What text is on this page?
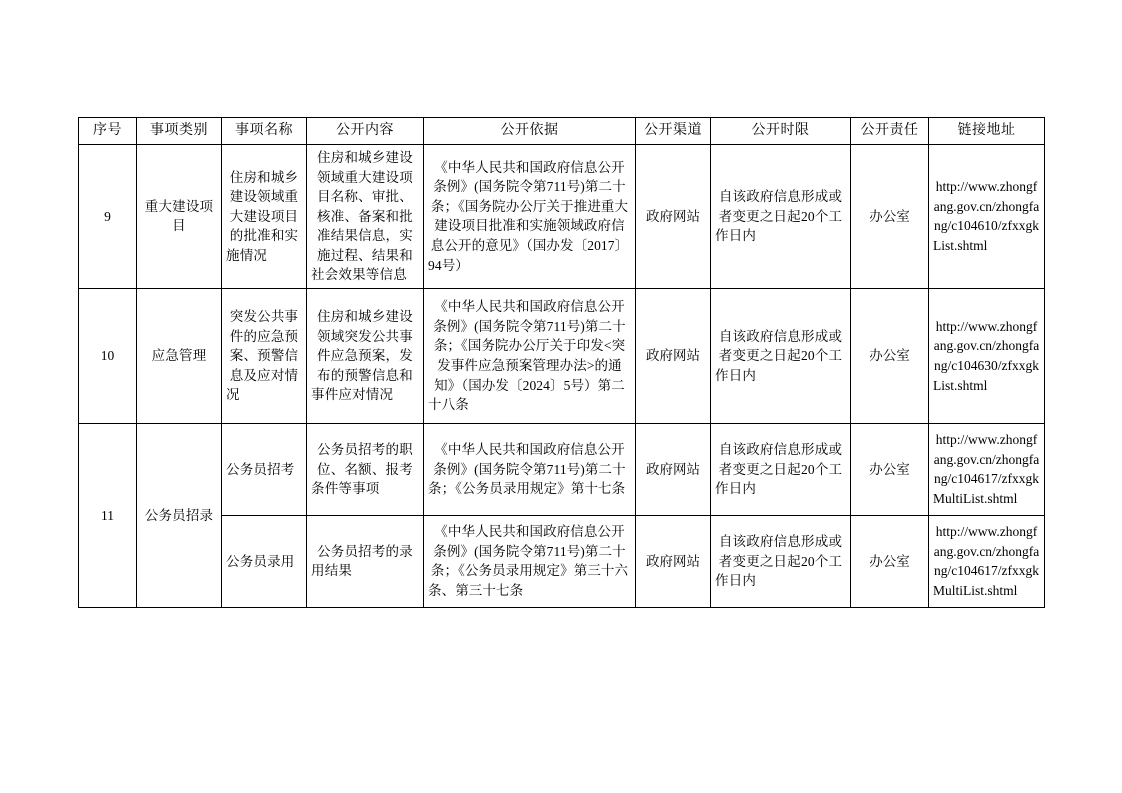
序号	事项类别	事项名称	公开内容	公开依据	公开渠道	公开时限	公开责任	链接地址
9	重大建设项目	住房和城乡建设领域重大建设项目的批准和实施情况	住房和城乡建设领域重大建设项目名称、审批、核准、备案和批准结果信息，实施过程、结果和社会效果等信息	《中华人民共和国政府信息公开条例》(国务院令第711号)第二十条；《国务院办公厅关于推进重大建设项目批准和实施领域政府信息公开的意见》（国办发〔2017〕94号）	政府网站	自该政府信息形成或者变更之日起20个工作日内	办公室	http://www.zhongfang.gov.cn/zhongfang/c104610/zfxxgkList.shtml
10	应急管理	突发公共事件的应急预案、预警信息及应对情况	住房和城乡建设领域突发公共事件应急预案，发布的预警信息和事件应对情况	《中华人民共和国政府信息公开条例》(国务院令第711号)第二十条；《国务院办公厅关于印发<突发事件应急预案管理办法>的通知》（国办发〔2024〕5号）第二十八条	政府网站	自该政府信息形成或者变更之日起20个工作日内	办公室	http://www.zhongfang.gov.cn/zhongfang/c104630/zfxxgkList.shtml
11	公务员招录	公务员招考	公务员招考的职位、名额、报考条件等事项	《中华人民共和国政府信息公开条例》(国务院令第711号)第二十条；《公务员录用规定》第十七条	政府网站	自该政府信息形成或者变更之日起20个工作日内	办公室	http://www.zhongfang.gov.cn/zhongfang/c104617/zfxxgkMultiList.shtml
		公务员录用	公务员招考的录用结果	《中华人民共和国政府信息公开条例》(国务院令第711号)第二十条；《公务员录用规定》第三十六条、第三十七条	政府网站	自该政府信息形成或者变更之日起20个工作日内	办公室	http://www.zhongfang.gov.cn/zhongfang/c104617/zfxxgkMultiList.shtml
